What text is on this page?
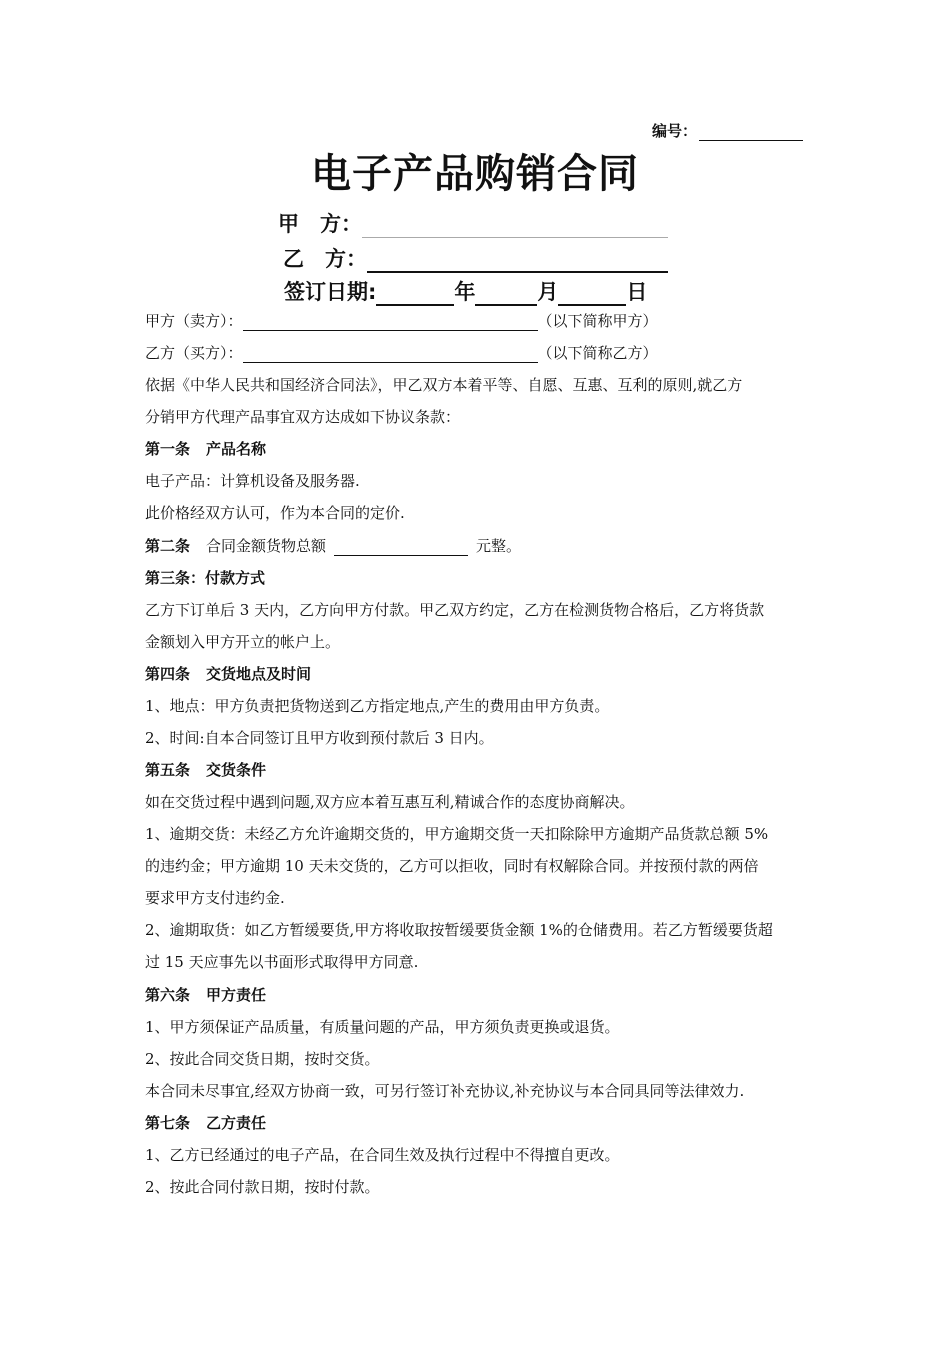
编号：
电子产品购销合同
甲　方：
乙　方：
签订日期:	年	月	日
甲方（卖方）：	（以下简称甲方）
乙方（买方）：	（以下简称乙方）
依据《中华人民共和国经济合同法》，甲乙双方本着平等、自愿、互惠、互利的原则,就乙方
分销甲方代理产品事宜双方达成如下协议条款：
第一条 产品名称
电子产品：计算机设备及服务器.
此价格经双方认可，作为本合同的定价.
第二条 合同金额货物总额	元整。
第三条：付款方式
乙方下订单后 3 天内，乙方向甲方付款。甲乙双方约定，乙方在检测货物合格后，乙方将货款
金额划入甲方开立的帐户上。
第四条 交货地点及时间
1、地点：甲方负责把货物送到乙方指定地点,产生的费用由甲方负责。
2、时间:自本合同签订且甲方收到预付款后 3 日内。
第五条 交货条件
如在交货过程中遇到问题,双方应本着互惠互利,精诚合作的态度协商解决。
1、逾期交货：未经乙方允许逾期交货的，甲方逾期交货一天扣除除甲方逾期产品货款总额 5%
的违约金；甲方逾期 10 天未交货的，乙方可以拒收，同时有权解除合同。并按预付款的两倍
要求甲方支付违约金.
2、逾期取货：如乙方暂缓要货,甲方将收取按暂缓要货金额 1%的仓储费用。若乙方暂缓要货超
过 15 天应事先以书面形式取得甲方同意.
第六条 甲方责任
1、甲方须保证产品质量，有质量问题的产品，甲方须负责更换或退货。
2、按此合同交货日期，按时交货。
本合同未尽事宜,经双方协商一致，可另行签订补充协议,补充协议与本合同具同等法律效力.
第七条 乙方责任
1、乙方已经通过的电子产品，在合同生效及执行过程中不得擅自更改。
2、按此合同付款日期，按时付款。
